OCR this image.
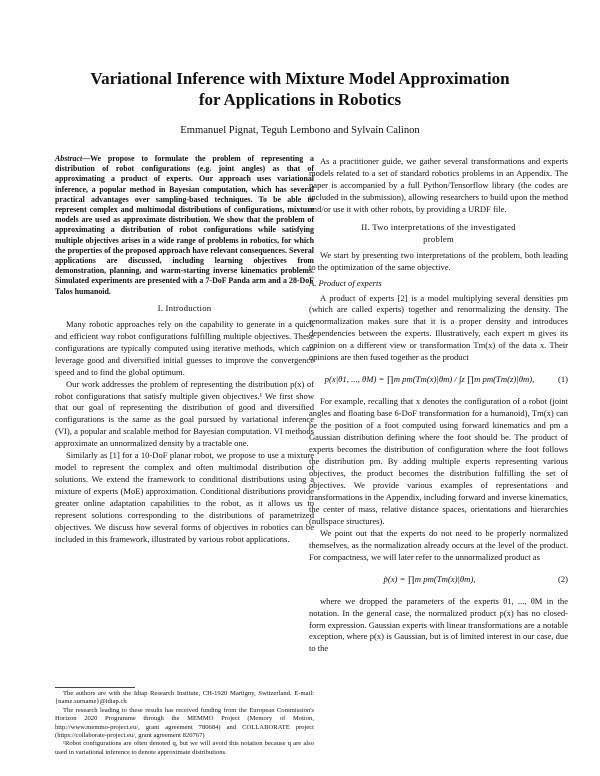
Variational Inference with Mixture Model Approximation
for Applications in Robotics
Emmanuel Pignat, Teguh Lembono and Sylvain Calinon
Abstract—We propose to formulate the problem of representing a distribution of robot configurations (e.g. joint angles) as that of approximating a product of experts. Our approach uses variational inference, a popular method in Bayesian computation, which has several practical advantages over sampling-based techniques. To be able to represent complex and multimodal distributions of configurations, mixture models are used as approximate distribution. We show that the problem of approximating a distribution of robot configurations while satisfying multiple objectives arises in a wide range of problems in robotics, for which the properties of the proposed approach have relevant consequences. Several applications are discussed, including learning objectives from demonstration, planning, and warm-starting inverse kinematics problems. Simulated experiments are presented with a 7-DoF Panda arm and a 28-DoF Talos humanoid.
I. Introduction

Many robotic approaches rely on the capability to generate in a quick and efficient way robot configurations fulfilling multiple objectives. These configurations are typically computed using iterative methods, which can leverage good and diversified initial guesses to improve the convergence speed and to find the global optimum.

Our work addresses the problem of representing the distribution p(x) of robot configurations that satisfy multiple given objectives.¹ We first show that our goal of representing the distribution of good and diversified configurations is the same as the goal pursued by variational inference (VI), a popular and scalable method for Bayesian computation. VI methods approximate an unnormalized density by a tractable one.

Similarly as [1] for a 10-DoF planar robot, we propose to use a mixture model to represent the complex and often multimodal distribution of solutions. We extend the framework to conditional distributions using a mixture of experts (MoE) approximation. Conditional distributions provide greater online adaptation capabilities to the robot, as it allows us to represent solutions corresponding to the distributions of parametrized objectives. We discuss how several forms of objectives in robotics can be included in this framework, illustrated by various robot applications.

The authors are with the Idiap Research Institute, CH-1920 Martigny, Switzerland. E-mail: {name.surname}@idiap.ch

The research leading to these results has received funding from the European Commission's Horizon 2020 Programme through the MEMMO Project (Memory of Motion, http://www.memmo-project.eu/, grant agreement 780684) and COLLABORATE project (https://collaborate-project.eu/, grant agreement 820767)

¹Robot configurations are often denoted q, but we will avoid this notation because q are also used in variational inference to denote approximate distributions.

As a practitioner guide, we gather several transformations and experts models related to a set of standard robotics problems in an Appendix. The paper is accompanied by a full Python/Tensorflow library (the codes are included in the submission), allowing researchers to build upon the method and/or use it with other robots, by providing a URDF file.

II. Two interpretations of the investigated
problem

We start by presenting two interpretations of the problem, both leading to the optimization of the same objective.

A. Product of experts

A product of experts [2] is a model multiplying several densities pm (which are called experts) together and renormalizing the density. The renormalization makes sure that it is a proper density and introduces dependencies between the experts. Illustratively, each expert m gives its opinion on a different view or transformation Tm(x) of the data x. Their opinions are then fused together as the product

p(x|θ1, ..., θM) = ∏m pm(Tm(x)|θm) / ∫z ∏m pm(Tm(z)|θm),	(1)

For example, recalling that x denotes the configuration of a robot (joint angles and floating base 6-DoF transformation for a humanoid), Tm(x) can be the position of a foot computed using forward kinematics and pm a Gaussian distribution defining where the foot should be. The product of experts becomes the distribution of configuration where the foot follows the distribution pm. By adding multiple experts representing various objectives, the product becomes the distribution fulfilling the set of objectives. We provide various examples of representations and transformations in the Appendix, including forward and inverse kinematics, the center of mass, relative distance spaces, orientations and hierarchies (nullspace structures).

We point out that the experts do not need to be properly normalized themselves, as the normalization already occurs at the level of the product. For compactness, we will later refer to the unnormalized product as

p̃(x) = ∏m pm(Tm(x)|θm),	(2)

where we dropped the parameters of the experts θ1, ..., θM in the notation. In the general case, the normalized product p(x) has no closed-form expression. Gaussian experts with linear transformations are a notable exception, where p(x) is Gaussian, but is of limited interest in our case, due to the
